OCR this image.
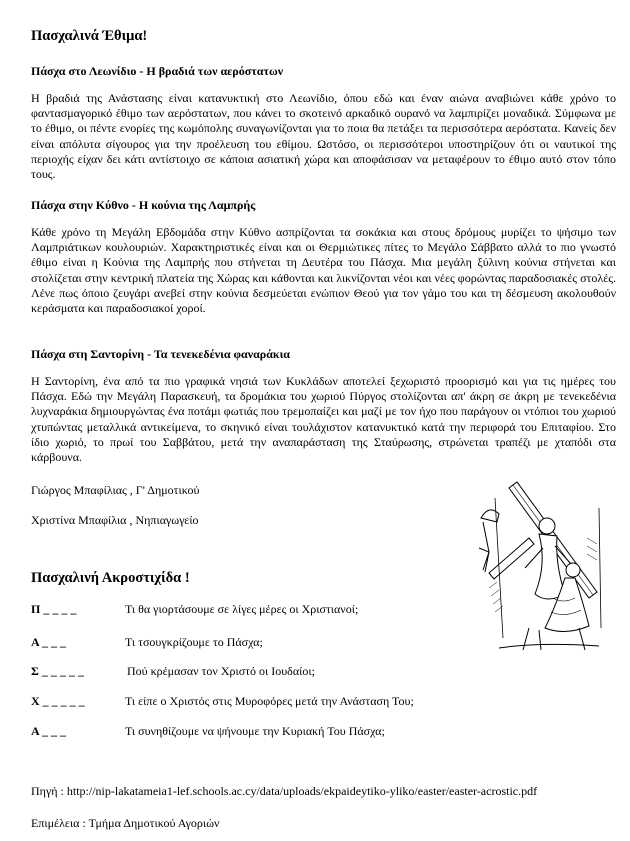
Πασχαλινά Έθιμα!
Πάσχα στο Λεωνίδιο - Η βραδιά των αερόστατων
Η βραδιά της Ανάστασης είναι κατανυκτική στο Λεωνίδιο, όπου εδώ και έναν αιώνα αναβιώνει κάθε χρόνο το φαντασμαγορικό έθιμο των αερόστατων, που κάνει το σκοτεινό αρκαδικό ουρανό να λαμπιρίζει μοναδικά. Σύμφωνα με το έθιμο, οι πέντε ενορίες της κωμόπολης συναγωνίζονται για το ποια θα πετάξει τα περισσότερα αερόστατα. Κανείς δεν είναι απόλυτα σίγουρος για την προέλευση του εθίμου. Ωστόσο, οι περισσότεροι υποστηρίζουν ότι οι ναυτικοί της περιοχής είχαν δει κάτι αντίστοιχο σε κάποια ασιατική χώρα και αποφάσισαν να μεταφέρουν το έθιμο αυτό στον τόπο τους.
Πάσχα στην Κύθνο - Η κούνια της Λαμπρής
Κάθε χρόνο τη Μεγάλη Εβδομάδα στην Κύθνο ασπρίζονται τα σοκάκια και στους δρόμους μυρίζει το ψήσιμο των Λαμπριάτικων κουλουριών. Χαρακτηριστικές είναι και οι Θερμιώτικες πίτες το Μεγάλο Σάββατο αλλά το πιο γνωστό έθιμο είναι η Κούνια της Λαμπρής που στήνεται τη Δευτέρα του Πάσχα. Μια μεγάλη ξύλινη κούνια στήνεται και στολίζεται στην κεντρική πλατεία της Χώρας και κάθονται και λικνίζονται νέοι και νέες φορώντας παραδοσιακές στολές. Λένε πως όποιο ζευγάρι ανεβεί στην κούνια δεσμεύεται ενώπιον Θεού για τον γάμο του και τη δέσμευση ακολουθούν κεράσματα και παραδοσιακοί χοροί.
Πάσχα στη Σαντορίνη - Τα τενεκεδένια φαναράκια
Η Σαντορίνη, ένα από τα πιο γραφικά νησιά των Κυκλάδων αποτελεί ξεχωριστό προορισμό και για τις ημέρες του Πάσχα. Εδώ την Μεγάλη Παρασκευή, τα δρομάκια του χωριού Πύργος στολίζονται απ' άκρη σε άκρη με τενεκεδένια λυχναράκια δημιουργώντας ένα ποτάμι φωτιάς που τρεμοπαίζει και μαζί με τον ήχο που παράγουν οι ντόπιοι του χωριού χτυπώντας μεταλλικά αντικείμενα, το σκηνικό είναι τουλάχιστον κατανυκτικό κατά την περιφορά του Επιταφίου. Στο ίδιο χωριό, το πρωί του Σαββάτου, μετά την αναπαράσταση της Σταύρωσης, στρώνεται τραπέζι με χταπόδι στα κάρβουνα.
Γιώργος Μπαφίλιας , Γ' Δημοτικού
Χριστίνα Μπαφίλια , Νηπιαγωγείο
Πασχαλινή Ακροστιχίδα !
Π _ _ _ _	Τι θα γιορτάσουμε σε λίγες μέρες οι Χριστιανοί;
Α _ _ _	Τι τσουγκρίζουμε το Πάσχα;
Σ _ _ _ _ _	Πού κρέμασαν τον Χριστό οι Ιουδαίοι;
Χ _ _ _ _ _	Τι είπε ο Χριστός στις Μυροφόρες μετά την Ανάσταση Του;
Α _ _ _	Τι συνηθίζουμε να ψήνουμε την Κυριακή Του Πάσχα;
Πηγή : http://nip-lakatameia1-lef.schools.ac.cy/data/uploads/ekpaideytiko-yliko/easter/easter-acrostic.pdf
Επιμέλεια : Τμήμα Δημοτικού Αγοριών
